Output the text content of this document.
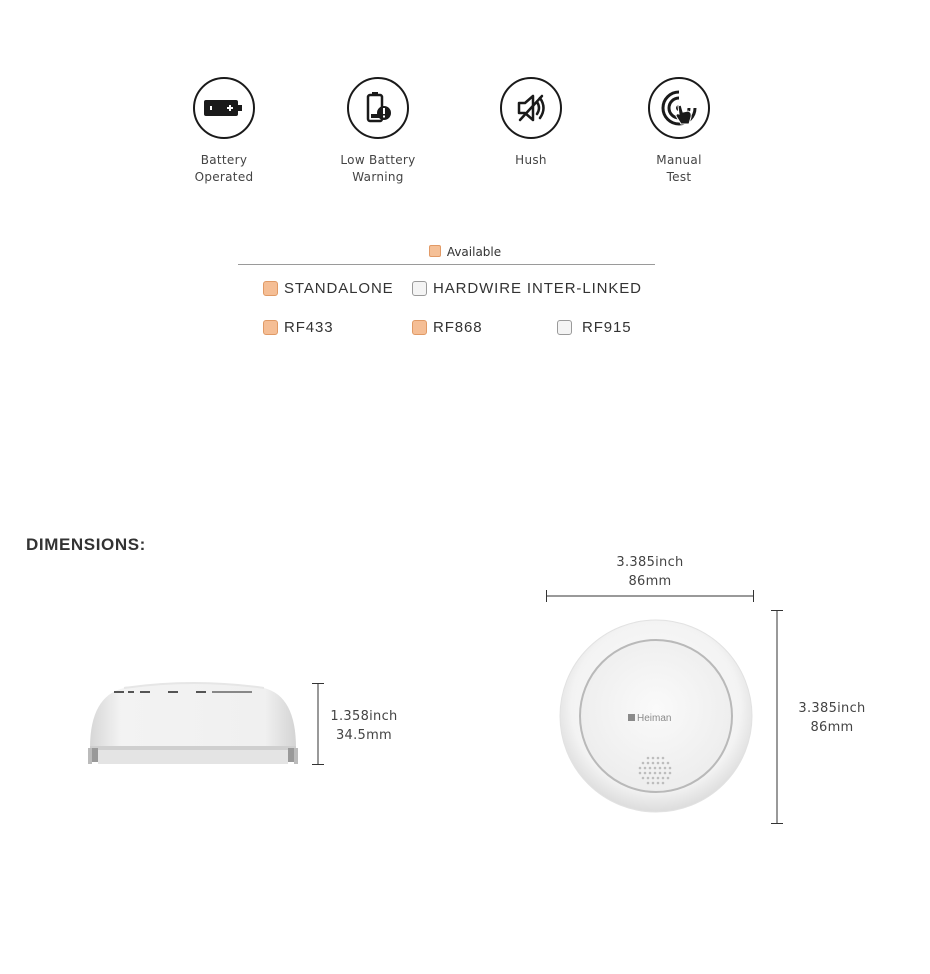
Battery
Operated
Low Battery
Warning
Hush	Manual
Test
Available
STANDALONE	HARDWIRE INTER-LINKED
RF433	RF868	RF915
DIMENSIONS:
1.358inch
34.5mm
3.385inch
86mm
Heiman
3.385inch
86mm
